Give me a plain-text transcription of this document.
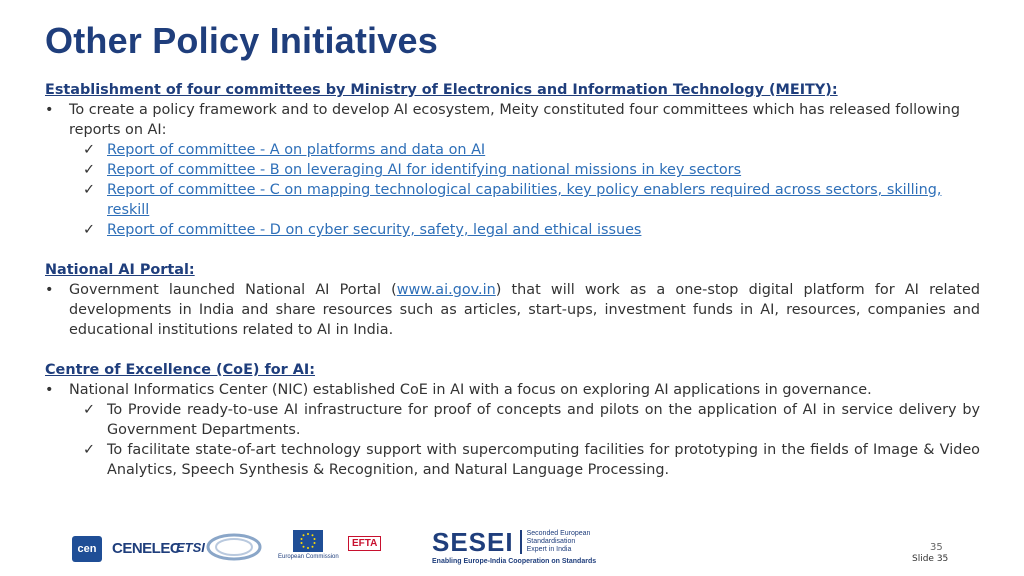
Other Policy Initiatives

Establishment of four committees by Ministry of Electronics and Information Technology (MEITY):

• To create a policy framework and to develop AI ecosystem, Meity constituted four committees which has released following reports on AI:

✓ Report of committee - A on platforms and data on AI
✓ Report of committee - B on leveraging AI for identifying national missions in key sectors
✓ Report of committee - C on mapping technological capabilities, key policy enablers required across sectors, skilling, reskill
✓ Report of committee - D on cyber security, safety, legal and ethical issues

National AI Portal:

• Government launched National AI Portal (www.ai.gov.in) that will work as a one-stop digital platform for AI related developments in India and share resources such as articles, start-ups, investment funds in AI, resources, companies and educational institutions related to AI in India.

Centre of Excellence (CoE) for AI:

• National Informatics Center (NIC) established CoE in AI with a focus on exploring AI applications in governance.

✓ To Provide ready-to-use AI infrastructure for proof of concepts and pilots on the application of AI in service delivery by Government Departments.
✓ To facilitate state-of-art technology support with supercomputing facilities for prototyping in the fields of Image & Video Analytics, Speech Synthesis & Recognition, and Natural Language Processing.
cen	CENELEC
ETSI
European Commission
EFTA SESEI Seconded European
Standardisation
Expert in India
Enabling Europe-India Cooperation on Standards
35
Slide 35
